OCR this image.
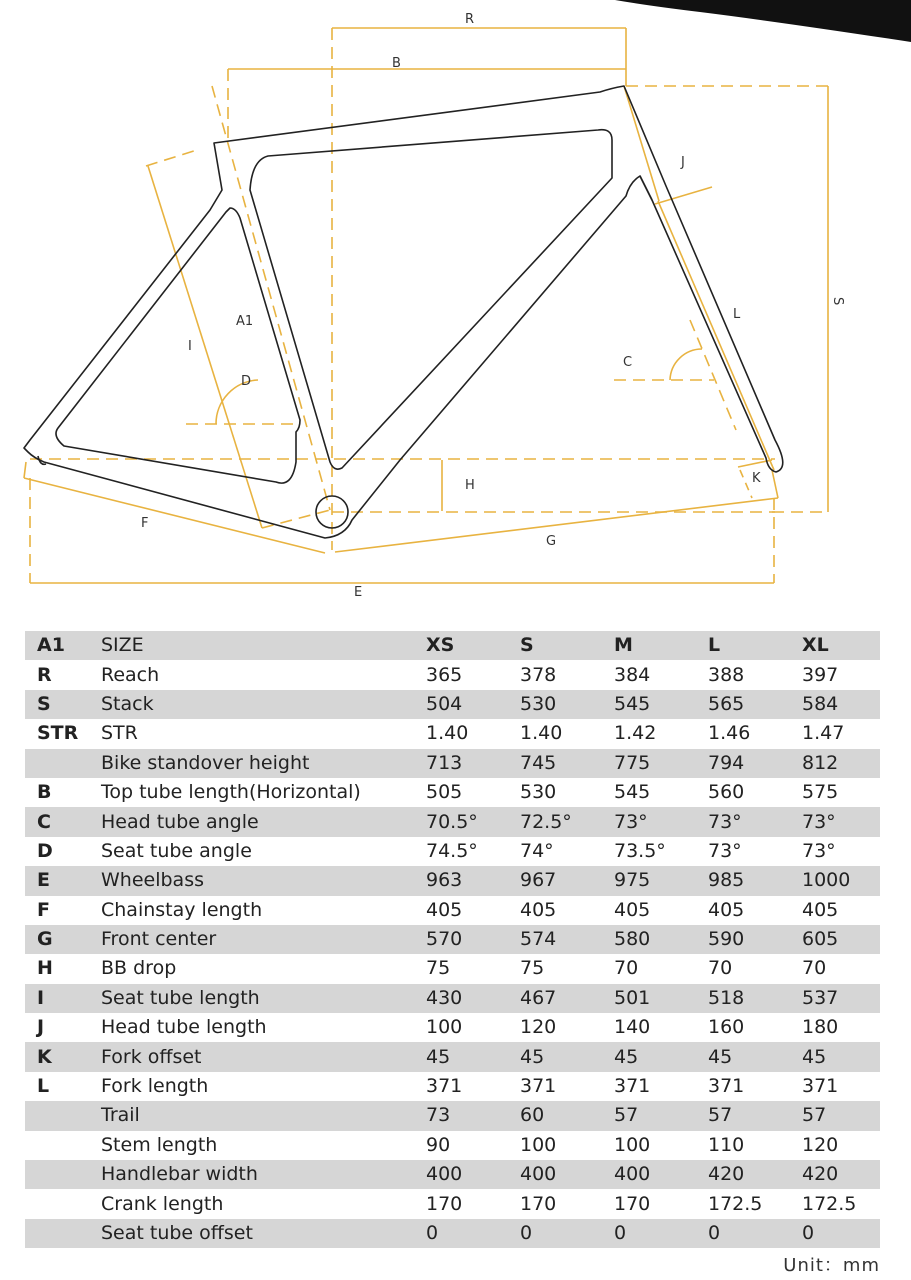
R
B
J
S
L
A1
I
D
C
H	K
F
G
E
A1	SIZE	XS	S	M	L	XL
R	Reach	365	378	384	388	397
S	Stack	504	530	545	565	584
STR	STR	1.40	1.40	1.42	1.46	1.47
	Bike standover height	713	745	775	794	812
B	Top tube length(Horizontal)	505	530	545	560	575
C	Head tube angle	70.5°	72.5°	73°	73°	73°
D	Seat tube angle	74.5°	74°	73.5°	73°	73°
E	Wheelbass	963	967	975	985	1000
F	Chainstay length	405	405	405	405	405
G	Front center	570	574	580	590	605
H	BB drop	75	75	70	70	70
I	Seat tube length	430	467	501	518	537
J	Head tube length	100	120	140	160	180
K	Fork offset	45	45	45	45	45
L	Fork length	371	371	371	371	371
	Trail	73	60	57	57	57
	Stem length	90	100	100	110	120
	Handlebar width	400	400	400	420	420
	Crank length	170	170	170	172.5	172.5
	Seat tube offset	0	0	0	0	0
Unit：mm
